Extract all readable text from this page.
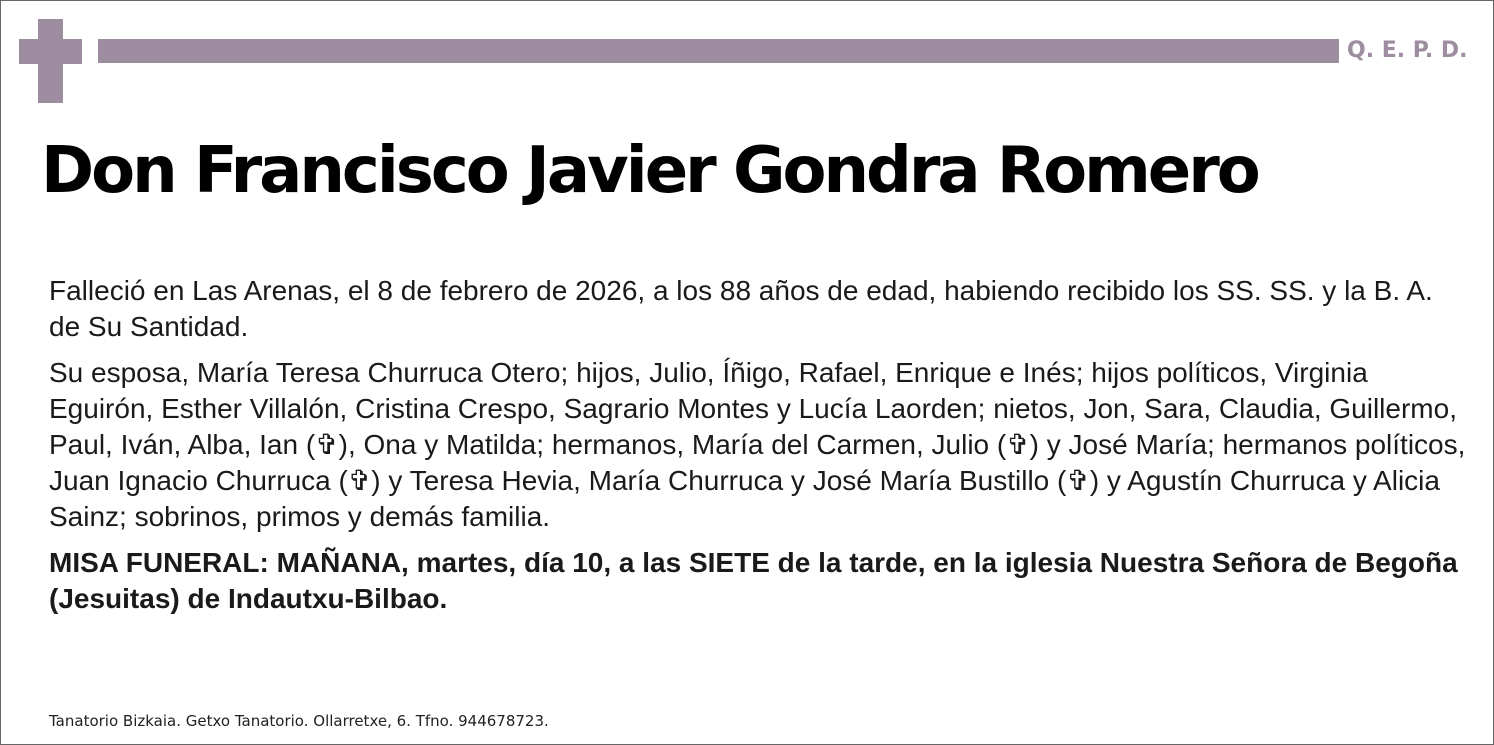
Q. E. P. D.
Don Francisco Javier Gondra Romero

Falleció en Las Arenas, el 8 de febrero de 2026, a los 88 años de edad, habiendo recibido los SS. SS. y la B. A. de Su Santidad.

Su esposa, María Teresa Churruca Otero; hijos, Julio, Íñigo, Rafael, Enrique e Inés; hijos políticos, Virginia Eguirón, Esther Villalón, Cristina Crespo, Sagrario Montes y Lucía Laorden; nietos, Jon, Sara, Claudia, Guillermo, Paul, Iván, Alba, Ian (✞), Ona y Matilda; hermanos, María del Carmen, Julio (✞) y José María; hermanos políticos, Juan Ignacio Churruca (✞) y Teresa Hevia, María Churruca y José María Bustillo (✞) y Agustín Churruca y Alicia Sainz; sobrinos, primos y demás familia.

MISA FUNERAL: MAÑANA, martes, día 10, a las SIETE de la tarde, en la iglesia Nuestra Señora de Begoña (Jesuitas) de Indautxu-Bilbao.

Tanatorio Bizkaia. Getxo Tanatorio. Ollarretxe, 6. Tfno. 944678723.
